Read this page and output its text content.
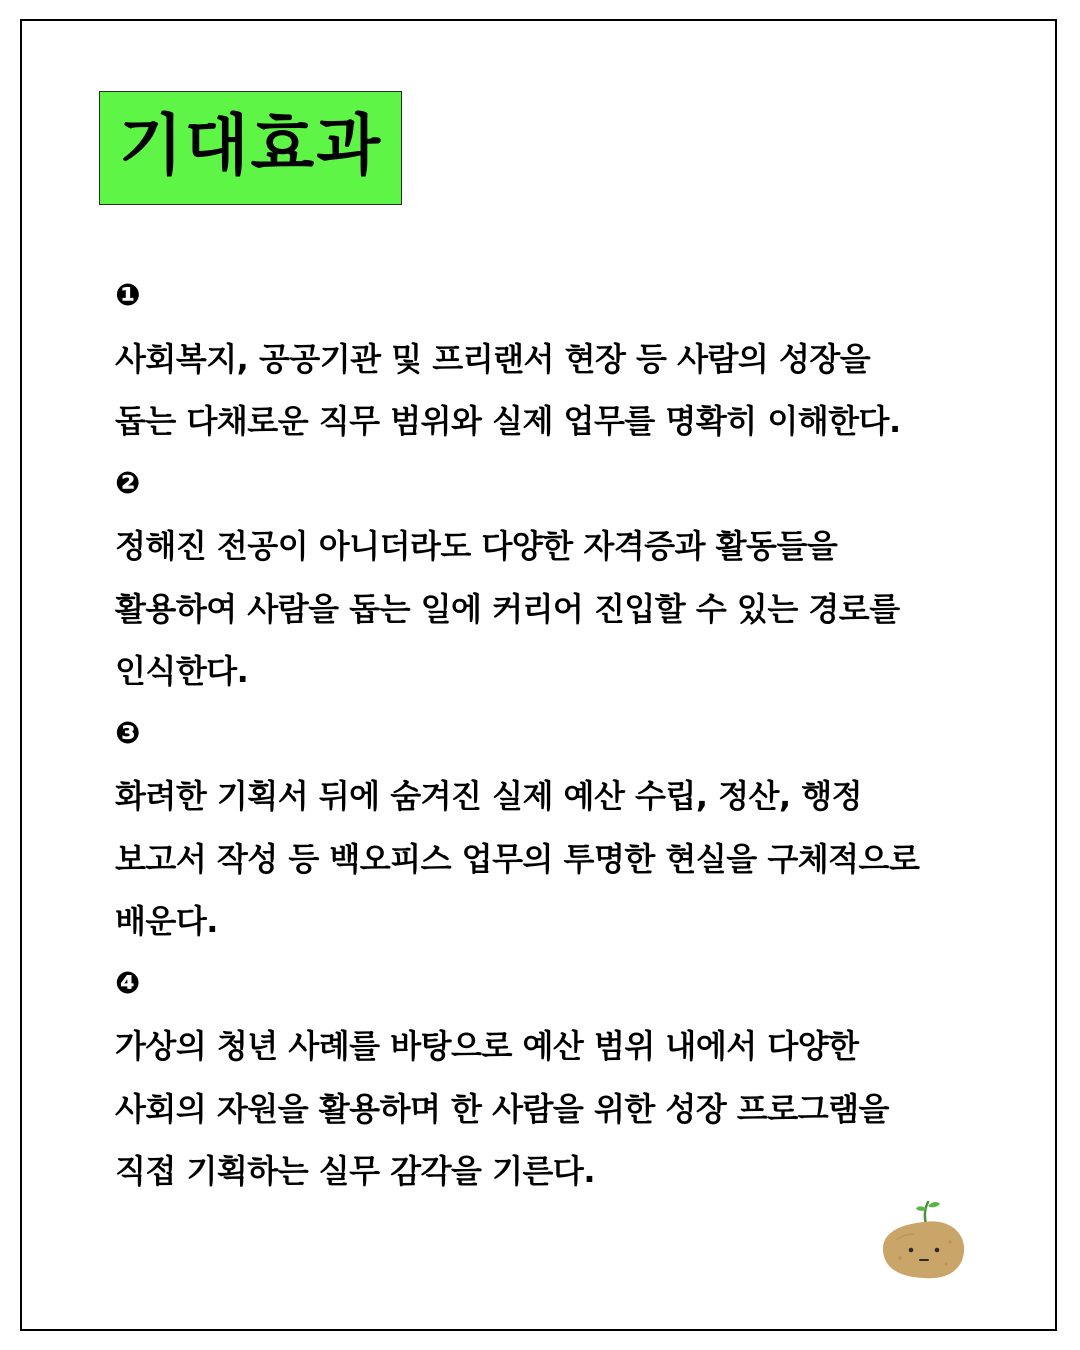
기대효과
❶
사회복지, 공공기관 및 프리랜서 현장 등 사람의 성장을
돕는 다채로운 직무 범위와 실제 업무를 명확히 이해한다.
❷
정해진 전공이 아니더라도 다양한 자격증과 활동들을
활용하여 사람을 돕는 일에 커리어 진입할 수 있는 경로를
인식한다.
❸
화려한 기획서 뒤에 숨겨진 실제 예산 수립, 정산, 행정
보고서 작성 등 백오피스 업무의 투명한 현실을 구체적으로
배운다.
❹
가상의 청년 사례를 바탕으로 예산 범위 내에서 다양한
사회의 자원을 활용하며 한 사람을 위한 성장 프로그램을
직접 기획하는 실무 감각을 기른다.
